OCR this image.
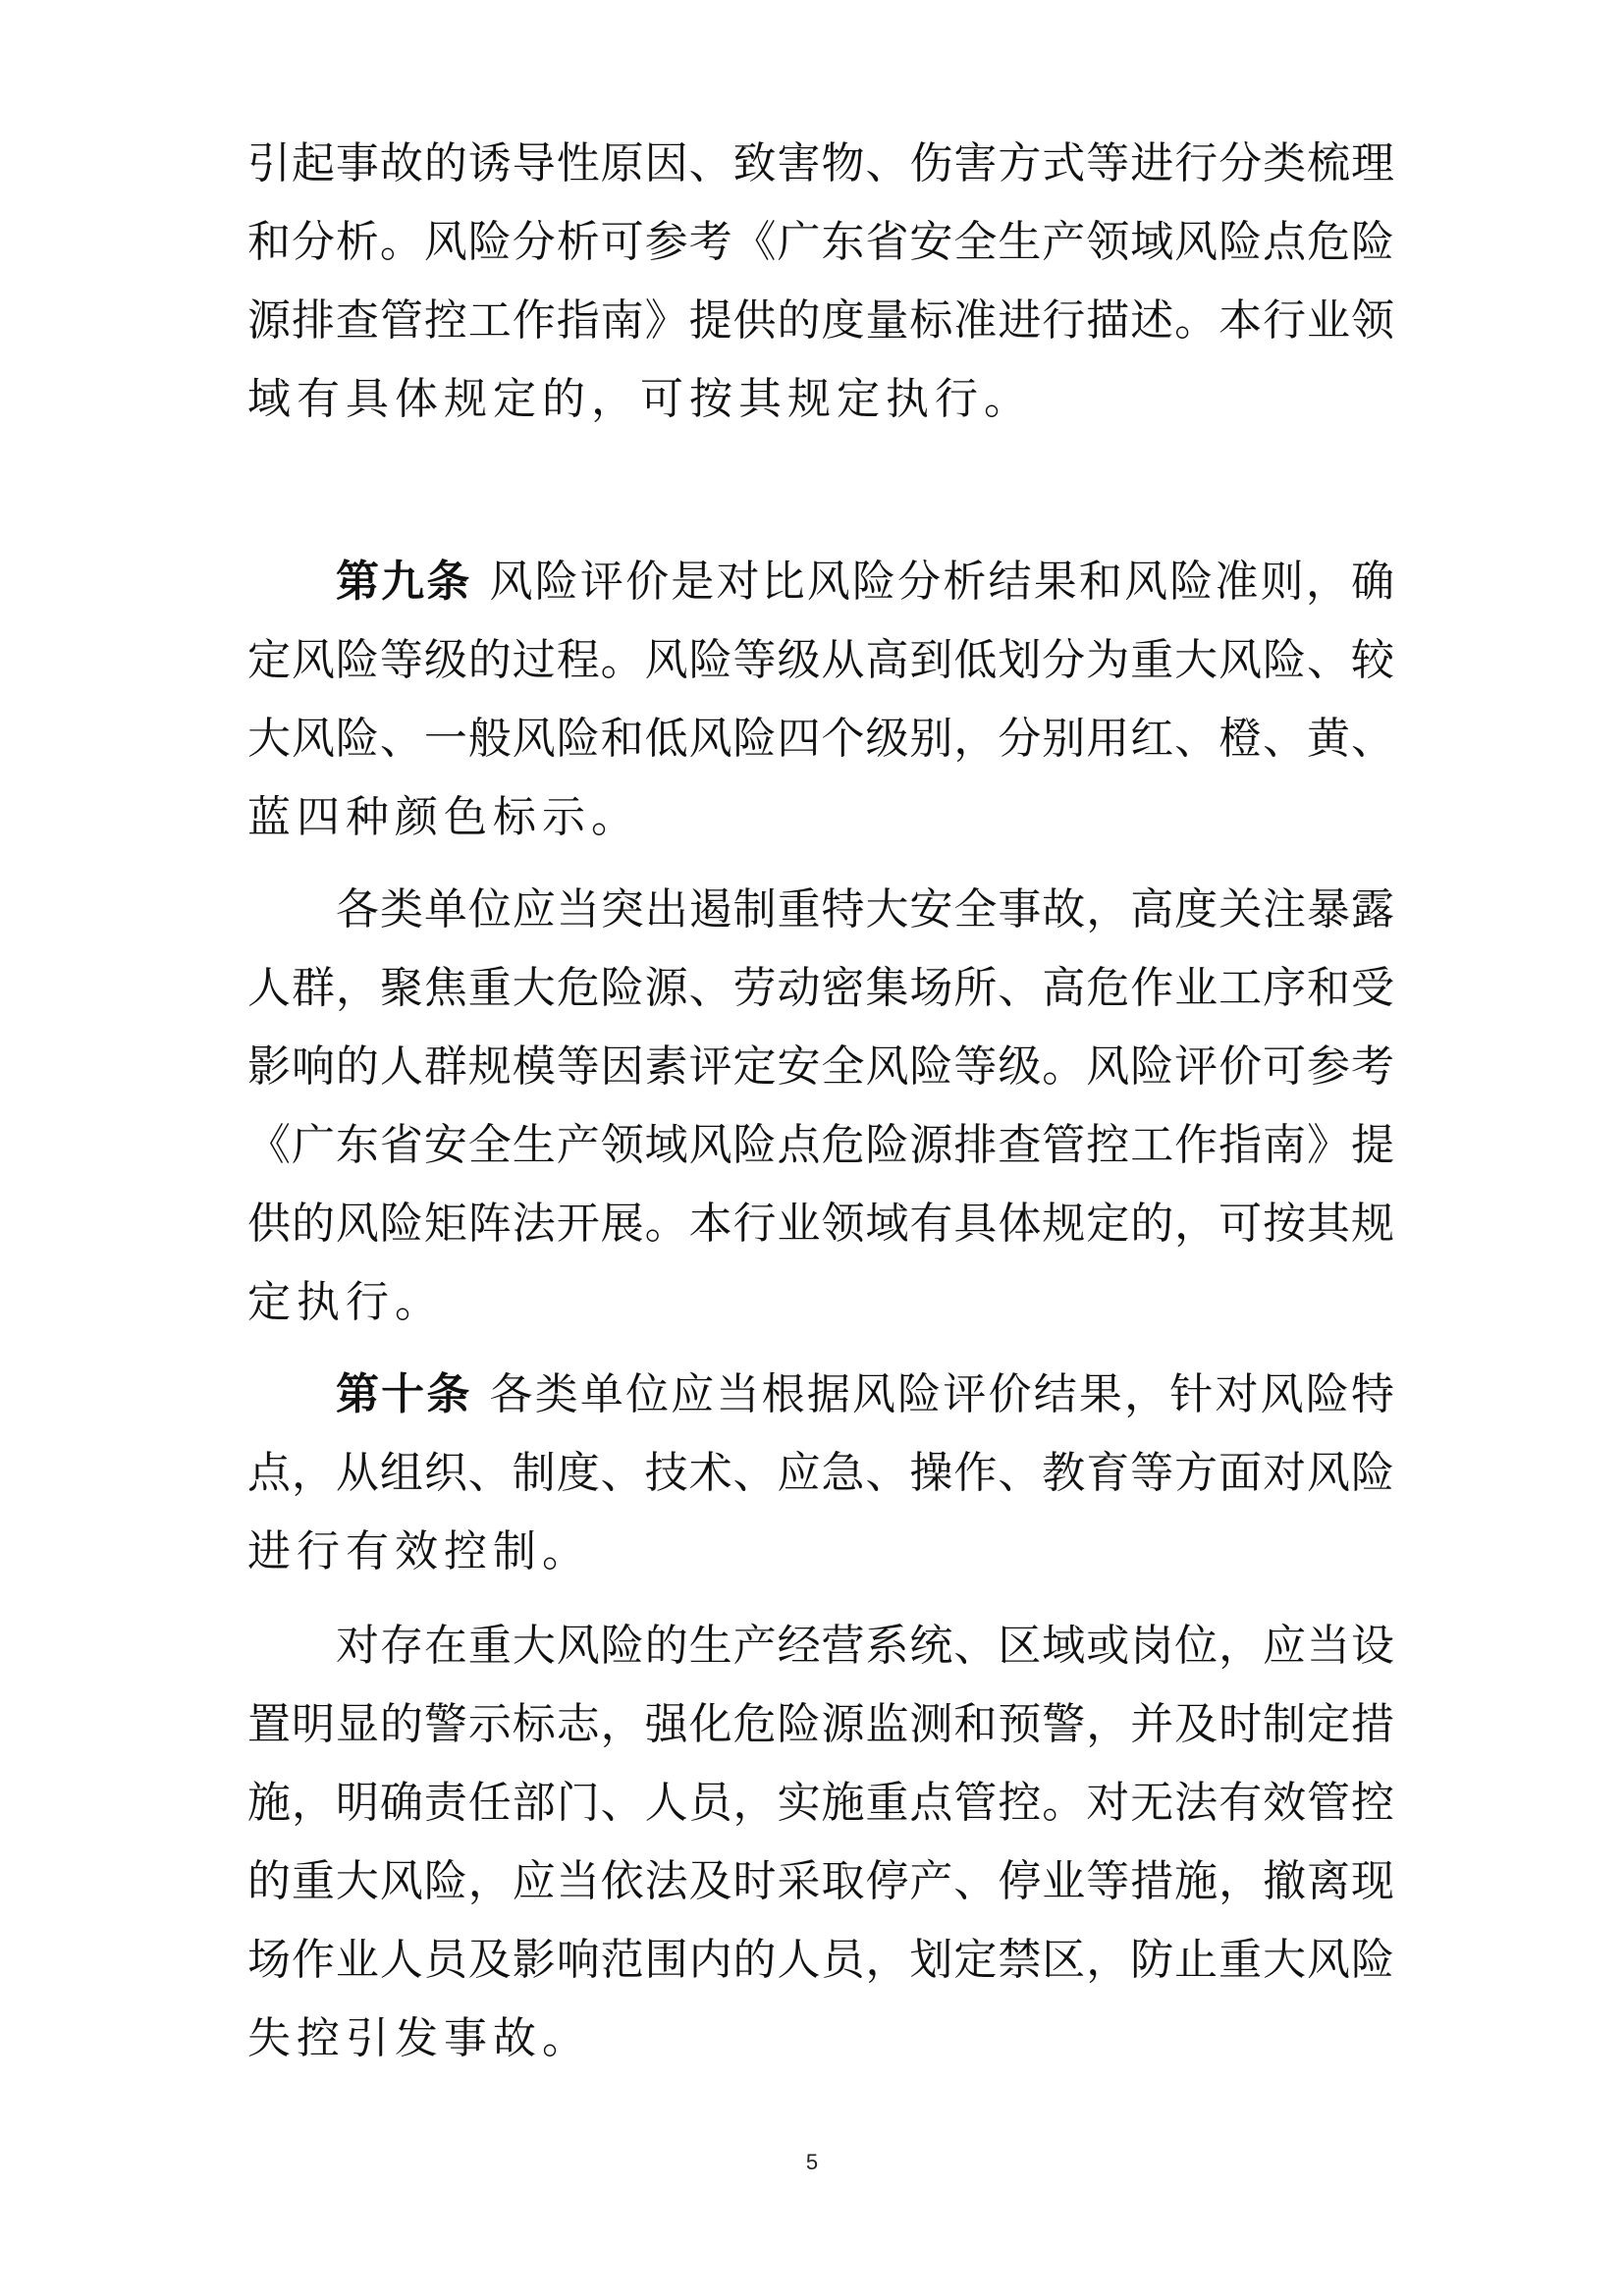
引起事故的诱导性原因、致害物、伤害方式等进行分类梳理
和分析。风险分析可参考《广东省安全生产领域风险点危险
源排查管控工作指南》提供的度量标准进行描述。本行业领
域有具体规定的，可按其规定执行。
第九条 风险评价是对比风险分析结果和风险准则，确
定风险等级的过程。风险等级从高到低划分为重大风险、较
大风险、一般风险和低风险四个级别，分别用红、橙、黄、
蓝四种颜色标示。
各类单位应当突出遏制重特大安全事故，高度关注暴露
人群，聚焦重大危险源、劳动密集场所、高危作业工序和受
影响的人群规模等因素评定安全风险等级。风险评价可参考
《广东省安全生产领域风险点危险源排查管控工作指南》提
供的风险矩阵法开展。本行业领域有具体规定的，可按其规
定执行。
第十条 各类单位应当根据风险评价结果，针对风险特
点，从组织、制度、技术、应急、操作、教育等方面对风险
进行有效控制。
对存在重大风险的生产经营系统、区域或岗位，应当设
置明显的警示标志，强化危险源监测和预警，并及时制定措
施，明确责任部门、人员，实施重点管控。对无法有效管控
的重大风险，应当依法及时采取停产、停业等措施，撤离现
场作业人员及影响范围内的人员，划定禁区，防止重大风险
失控引发事故。
5
